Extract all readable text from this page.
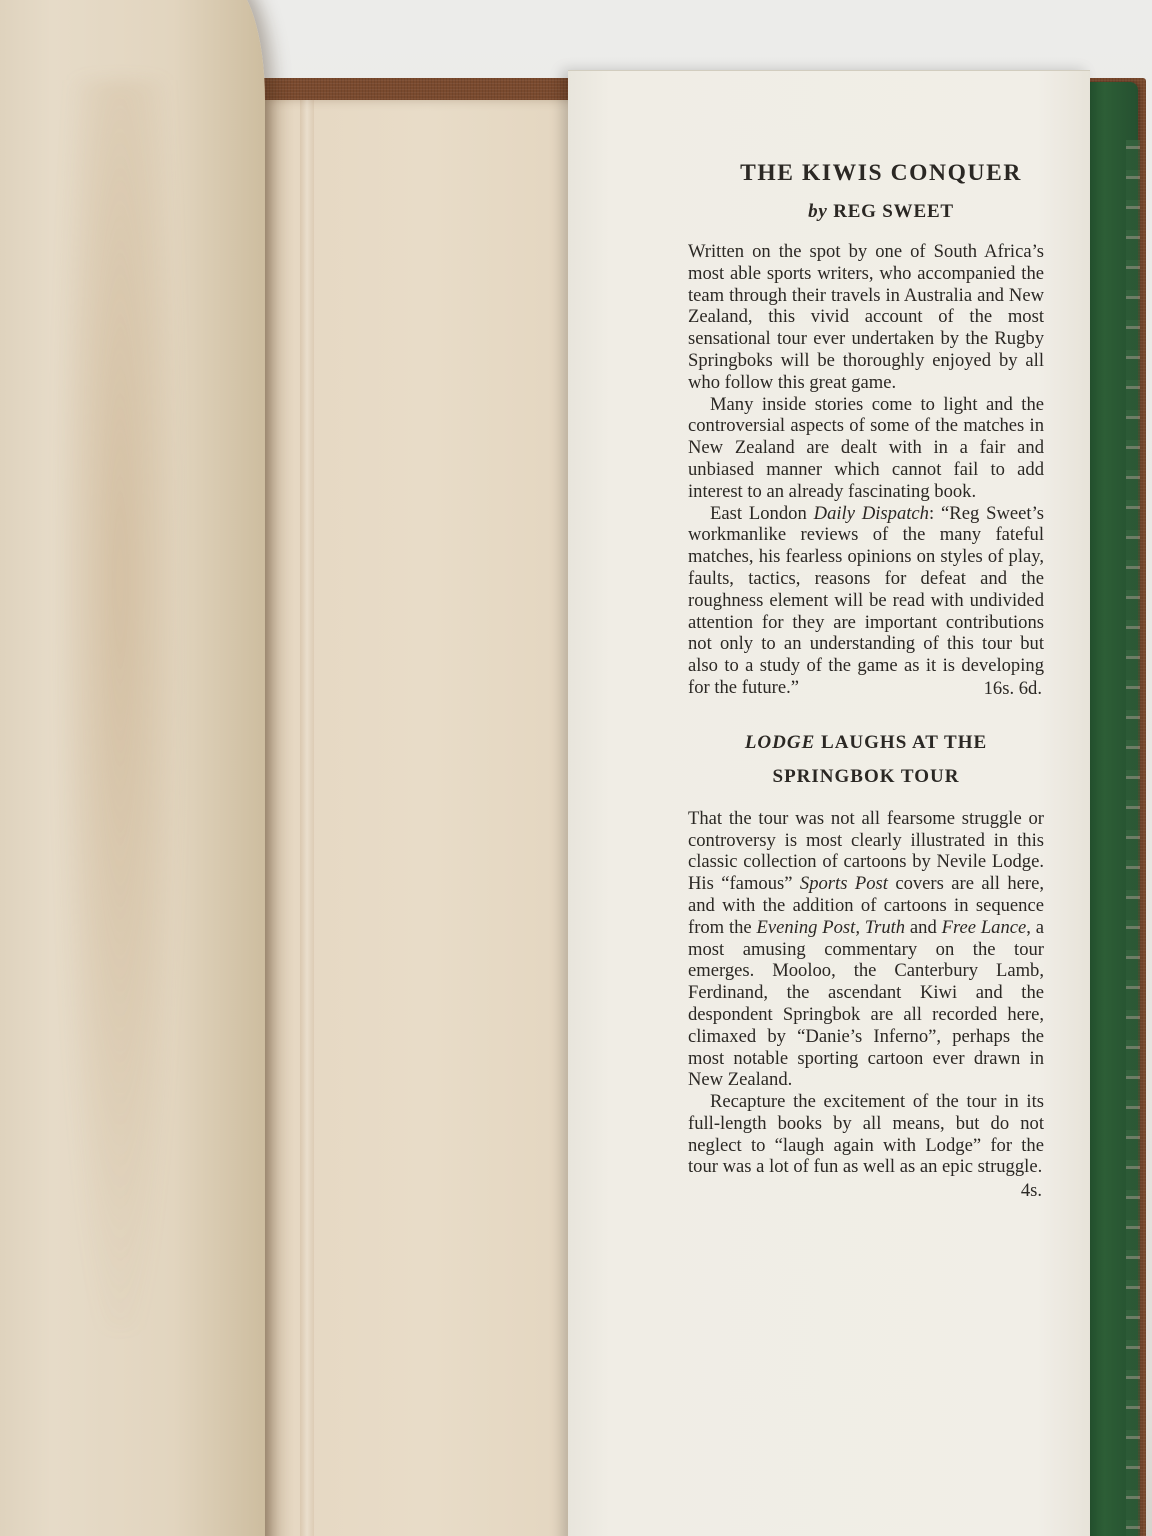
THE KIWIS CONQUER
by REG SWEET

Written on the spot by one of South Africa’s most able sports writers, who accompanied the team through their travels in Australia and New Zealand, this vivid account of the most sensational tour ever undertaken by the Rugby Springboks will be thoroughly enjoyed by all who follow this great game.

Many inside stories come to light and the controversial aspects of some of the matches in New Zealand are dealt with in a fair and unbiased manner which cannot fail to add interest to an already fascinating book.

East London Daily Dispatch: “Reg Sweet’s workmanlike reviews of the many fateful matches, his fearless opinions on styles of play, faults, tactics, reasons for defeat and the roughness element will be read with undivided attention for they are important contributions not only to an understanding of this tour but also to a study of the game as it is developing for the future.”	16s. 6d.
LODGE LAUGHS AT THE
SPRINGBOK TOUR

That the tour was not all fearsome struggle or controversy is most clearly illustrated in this classic collection of cartoons by Nevile Lodge. His “famous” Sports Post covers are all here, and with the addition of cartoons in sequence from the Evening Post, Truth and Free Lance, a most amusing commentary on the tour emerges. Mooloo, the Canterbury Lamb, Ferdinand, the ascendant Kiwi and the despondent Springbok are all recorded here, climaxed by “Danie’s Inferno”, perhaps the most notable sporting cartoon ever drawn in New Zealand.

Recapture the excitement of the tour in its full-length books by all means, but do not neglect to “laugh again with Lodge” for the tour was a lot of fun as well as an epic struggle.

4s.
